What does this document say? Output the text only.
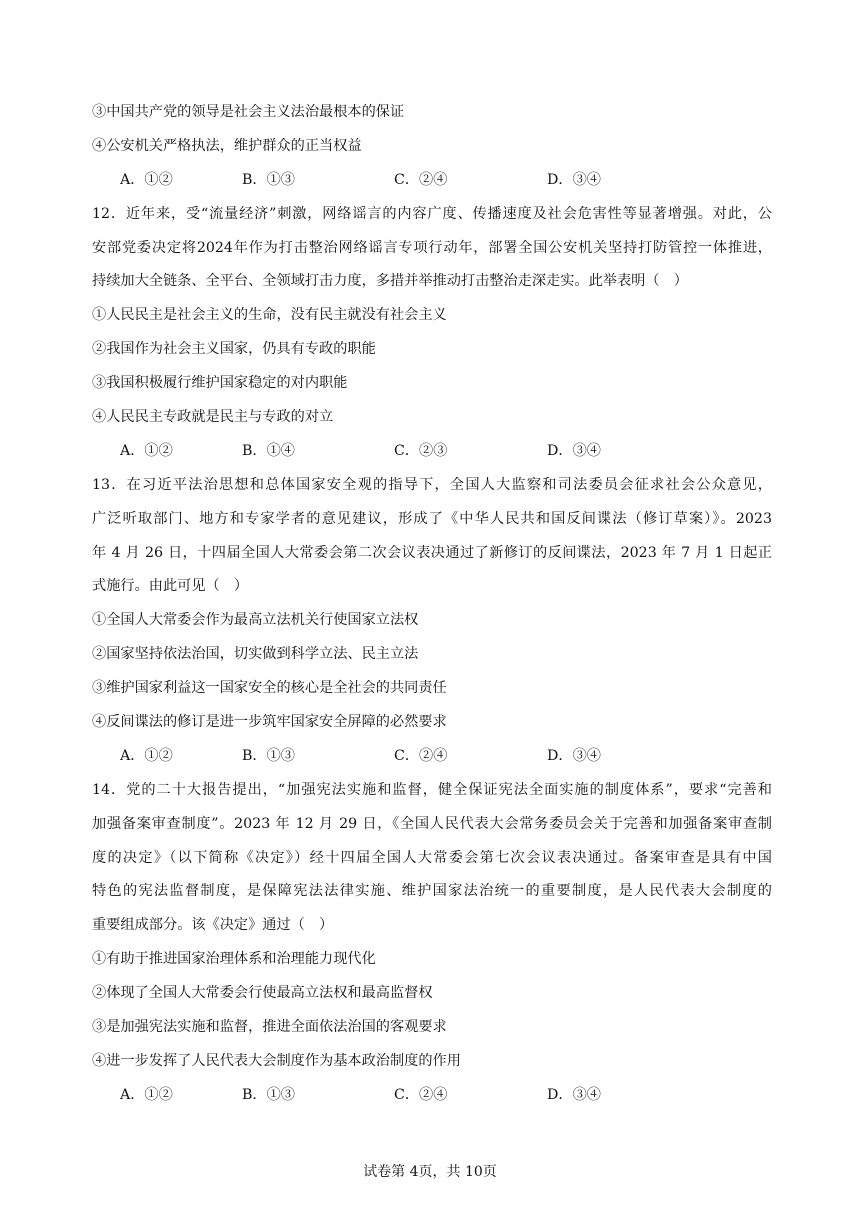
③中国共产党的领导是社会主义法治最根本的保证
④公安机关严格执法，维护群众的正当权益
A．①②	B．①③	C．②④	D．③④
12．近年来，受“流量经济”刺激，网络谣言的内容广度、传播速度及社会危害性等显著增强。对此，公
安部党委决定将2024年作为打击整治网络谣言专项行动年，部署全国公安机关坚持打防管控一体推进，
持续加大全链条、全平台、全领域打击力度，多措并举推动打击整治走深走实。此举表明（　）
①人民民主是社会主义的生命，没有民主就没有社会主义
②我国作为社会主义国家，仍具有专政的职能
③我国积极履行维护国家稳定的对内职能
④人民民主专政就是民主与专政的对立
A．①②	B．①④	C．②③	D．③④
13．在习近平法治思想和总体国家安全观的指导下，全国人大监察和司法委员会征求社会公众意见，
广泛听取部门、地方和专家学者的意见建议，形成了《中华人民共和国反间谍法（修订草案）》。2023
年 4 月 26 日，十四届全国人大常委会第二次会议表决通过了新修订的反间谍法，2023 年 7 月 1 日起正
式施行。由此可见（　）
①全国人大常委会作为最高立法机关行使国家立法权
②国家坚持依法治国，切实做到科学立法、民主立法
③维护国家利益这一国家安全的核心是全社会的共同责任
④反间谍法的修订是进一步筑牢国家安全屏障的必然要求
A．①②	B．①③	C．②④	D．③④
14．党的二十大报告提出，“加强宪法实施和监督，健全保证宪法全面实施的制度体系”，要求“完善和
加强备案审查制度”。2023 年 12 月 29 日，《全国人民代表大会常务委员会关于完善和加强备案审查制
度的决定》（以下简称《决定》）经十四届全国人大常委会第七次会议表决通过。备案审查是具有中国
特色的宪法监督制度，是保障宪法法律实施、维护国家法治统一的重要制度，是人民代表大会制度的
重要组成部分。该《决定》通过（　）
①有助于推进国家治理体系和治理能力现代化
②体现了全国人大常委会行使最高立法权和最高监督权
③是加强宪法实施和监督，推进全面依法治国的客观要求
④进一步发挥了人民代表大会制度作为基本政治制度的作用
A．①②	B．①③	C．②④	D．③④
试卷第 4页，共 10页
